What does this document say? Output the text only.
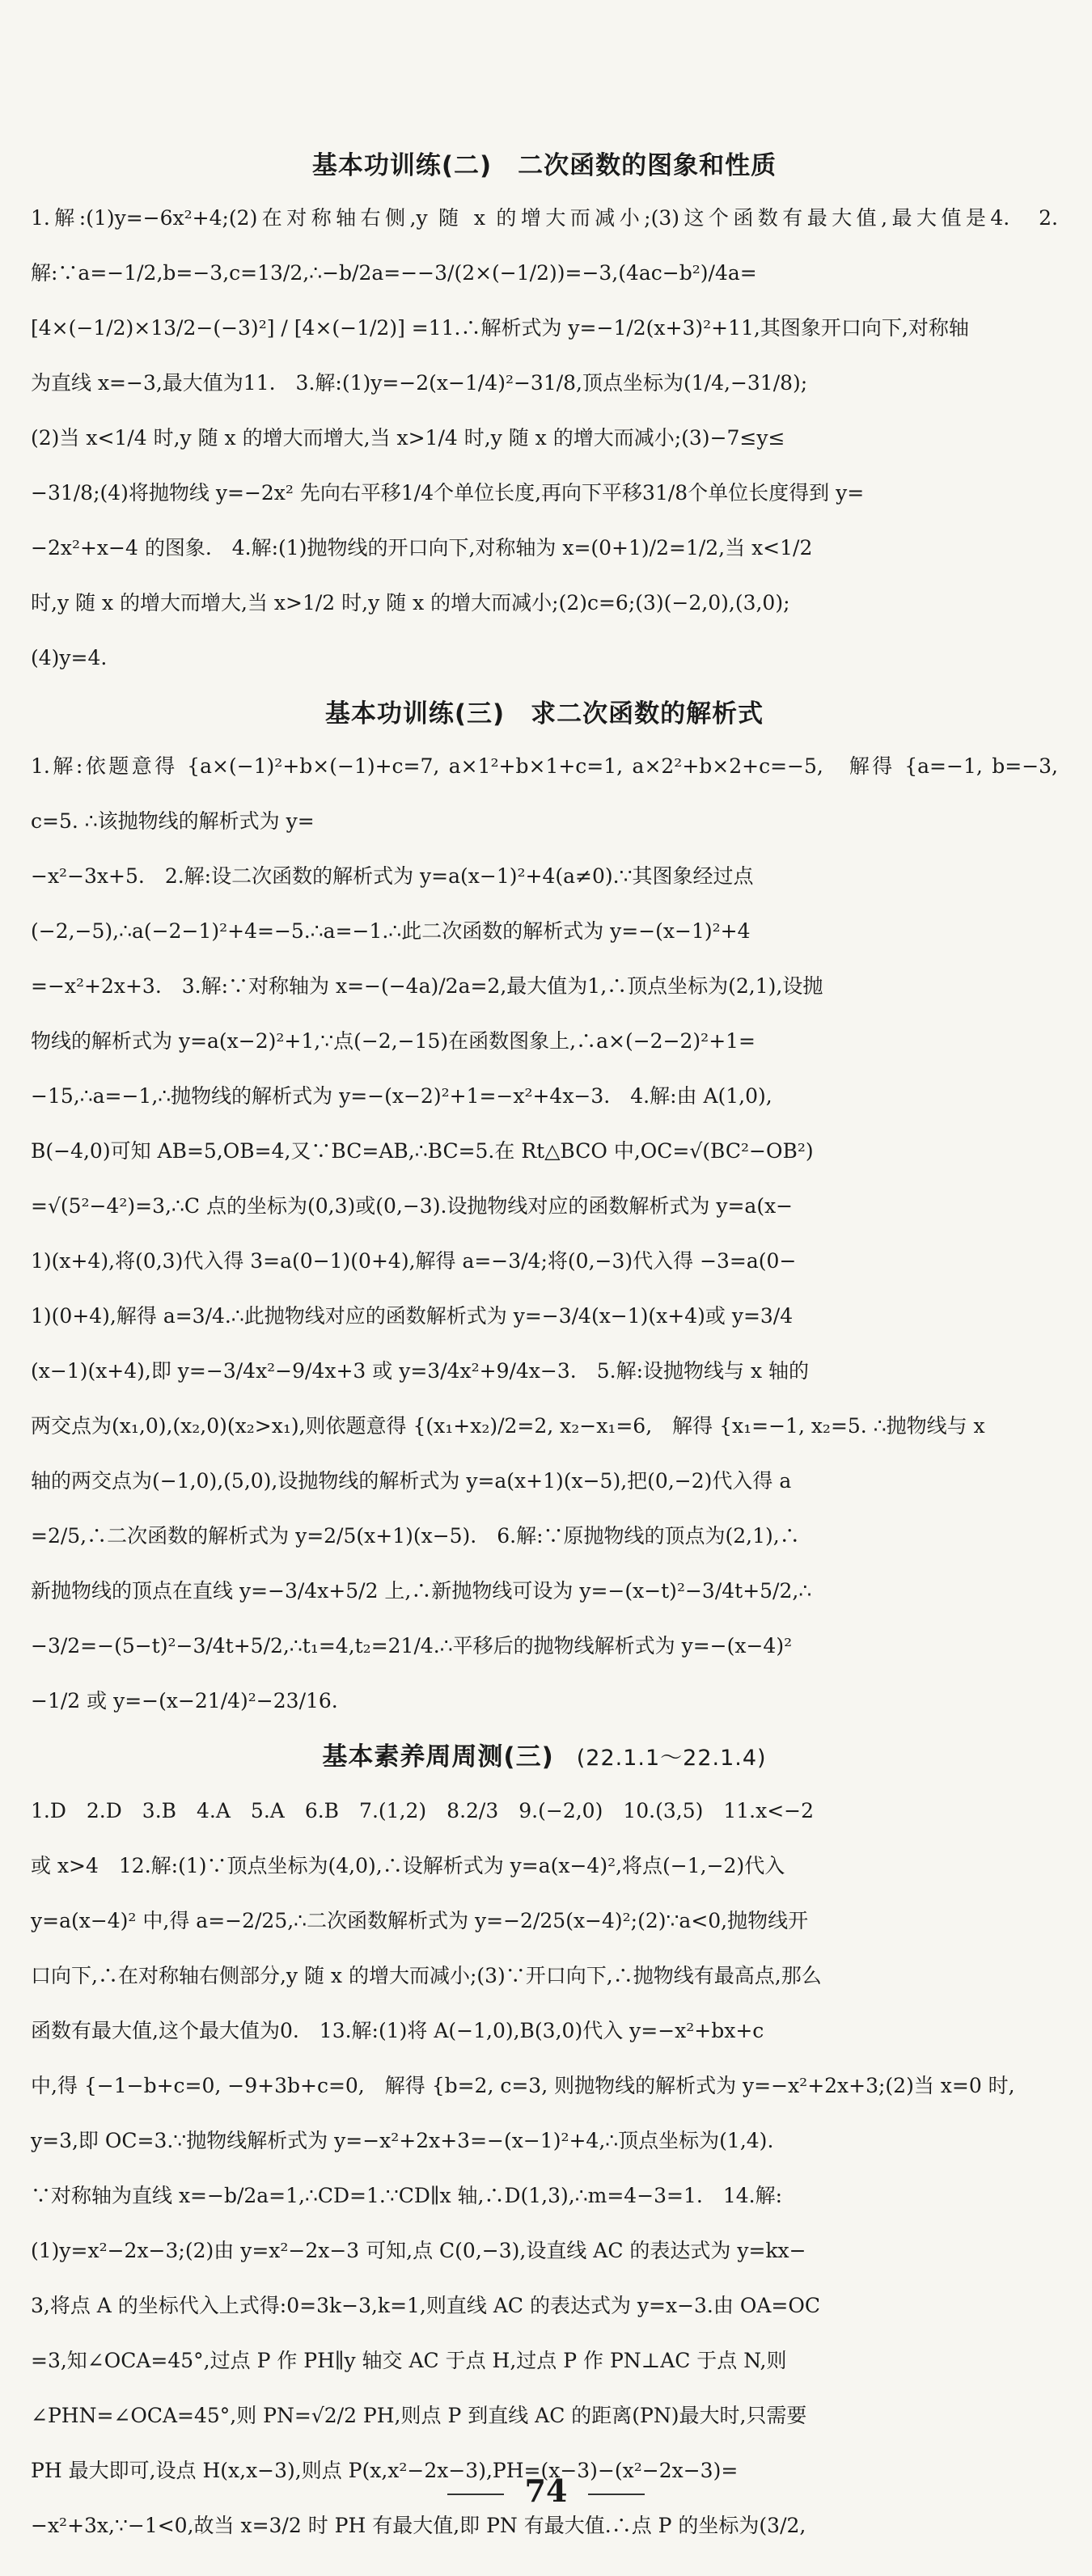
基本功训练(二)　二次函数的图象和性质

1.解:(1)y=−6x²+4;(2)在对称轴右侧,y 随 x 的增大而减小;(3)这个函数有最大值,最大值是4.　2.解:∵a=−1/2,b=−3,c=13/2,∴−b/2a=−−3/(2×(−1/2))=−3,(4ac−b²)/4a=

[4×(−1/2)×13/2−(−3)²] / [4×(−1/2)] =11.∴解析式为 y=−1/2(x+3)²+11,其图象开口向下,对称轴

为直线 x=−3,最大值为11.　3.解:(1)y=−2(x−1/4)²−31/8,顶点坐标为(1/4,−31/8);

(2)当 x<1/4 时,y 随 x 的增大而增大,当 x>1/4 时,y 随 x 的增大而减小;(3)−7≤y≤

−31/8;(4)将抛物线 y=−2x² 先向右平移1/4个单位长度,再向下平移31/8个单位长度得到 y=

−2x²+x−4 的图象.　4.解:(1)抛物线的开口向下,对称轴为 x=(0+1)/2=1/2,当 x<1/2

时,y 随 x 的增大而增大,当 x>1/2 时,y 随 x 的增大而减小;(2)c=6;(3)(−2,0),(3,0);

(4)y=4.

基本功训练(三)　求二次函数的解析式

1.解:依题意得 {a×(−1)²+b×(−1)+c=7, a×1²+b×1+c=1, a×2²+b×2+c=−5,　解得 {a=−1, b=−3, c=5. ∴该抛物线的解析式为 y=

−x²−3x+5.　2.解:设二次函数的解析式为 y=a(x−1)²+4(a≠0).∵其图象经过点

(−2,−5),∴a(−2−1)²+4=−5.∴a=−1.∴此二次函数的解析式为 y=−(x−1)²+4

=−x²+2x+3.　3.解:∵对称轴为 x=−(−4a)/2a=2,最大值为1,∴顶点坐标为(2,1),设抛

物线的解析式为 y=a(x−2)²+1,∵点(−2,−15)在函数图象上,∴a×(−2−2)²+1=

−15,∴a=−1,∴抛物线的解析式为 y=−(x−2)²+1=−x²+4x−3.　4.解:由 A(1,0),

B(−4,0)可知 AB=5,OB=4,又∵BC=AB,∴BC=5.在 Rt△BCO 中,OC=√(BC²−OB²)

=√(5²−4²)=3,∴C 点的坐标为(0,3)或(0,−3).设抛物线对应的函数解析式为 y=a(x−

1)(x+4),将(0,3)代入得 3=a(0−1)(0+4),解得 a=−3/4;将(0,−3)代入得 −3=a(0−

1)(0+4),解得 a=3/4.∴此抛物线对应的函数解析式为 y=−3/4(x−1)(x+4)或 y=3/4

(x−1)(x+4),即 y=−3/4x²−9/4x+3 或 y=3/4x²+9/4x−3.　5.解:设抛物线与 x 轴的

两交点为(x₁,0),(x₂,0)(x₂>x₁),则依题意得 {(x₁+x₂)/2=2, x₂−x₁=6,　解得 {x₁=−1, x₂=5. ∴抛物线与 x

轴的两交点为(−1,0),(5,0),设抛物线的解析式为 y=a(x+1)(x−5),把(0,−2)代入得 a

=2/5,∴二次函数的解析式为 y=2/5(x+1)(x−5).　6.解:∵原抛物线的顶点为(2,1),∴

新抛物线的顶点在直线 y=−3/4x+5/2 上,∴新抛物线可设为 y=−(x−t)²−3/4t+5/2,∴

−3/2=−(5−t)²−3/4t+5/2,∴t₁=4,t₂=21/4.∴平移后的抛物线解析式为 y=−(x−4)²

−1/2 或 y=−(x−21/4)²−23/16.

基本素养周周测(三) (22.1.1～22.1.4)

1.D　2.D　3.B　4.A　5.A　6.B　7.(1,2)　8.2/3　9.(−2,0)　10.(3,5)　11.x<−2

或 x>4　12.解:(1)∵顶点坐标为(4,0),∴设解析式为 y=a(x−4)²,将点(−1,−2)代入

y=a(x−4)² 中,得 a=−2/25,∴二次函数解析式为 y=−2/25(x−4)²;(2)∵a<0,抛物线开

口向下,∴在对称轴右侧部分,y 随 x 的增大而减小;(3)∵开口向下,∴抛物线有最高点,那么

函数有最大值,这个最大值为0.　13.解:(1)将 A(−1,0),B(3,0)代入 y=−x²+bx+c

中,得 {−1−b+c=0, −9+3b+c=0,　解得 {b=2, c=3, 则抛物线的解析式为 y=−x²+2x+3;(2)当 x=0 时,

y=3,即 OC=3.∵抛物线解析式为 y=−x²+2x+3=−(x−1)²+4,∴顶点坐标为(1,4).

∵对称轴为直线 x=−b/2a=1,∴CD=1.∵CD∥x 轴,∴D(1,3),∴m=4−3=1.　14.解:

(1)y=x²−2x−3;(2)由 y=x²−2x−3 可知,点 C(0,−3),设直线 AC 的表达式为 y=kx−

3,将点 A 的坐标代入上式得:0=3k−3,k=1,则直线 AC 的表达式为 y=x−3.由 OA=OC

=3,知∠OCA=45°,过点 P 作 PH∥y 轴交 AC 于点 H,过点 P 作 PN⊥AC 于点 N,则

∠PHN=∠OCA=45°,则 PN=√2/2 PH,则点 P 到直线 AC 的距离(PN)最大时,只需要

PH 最大即可,设点 H(x,x−3),则点 P(x,x²−2x−3),PH=(x−3)−(x²−2x−3)=

−x²+3x,∵−1<0,故当 x=3/2 时 PH 有最大值,即 PN 有最大值.∴点 P 的坐标为(3/2,

74
